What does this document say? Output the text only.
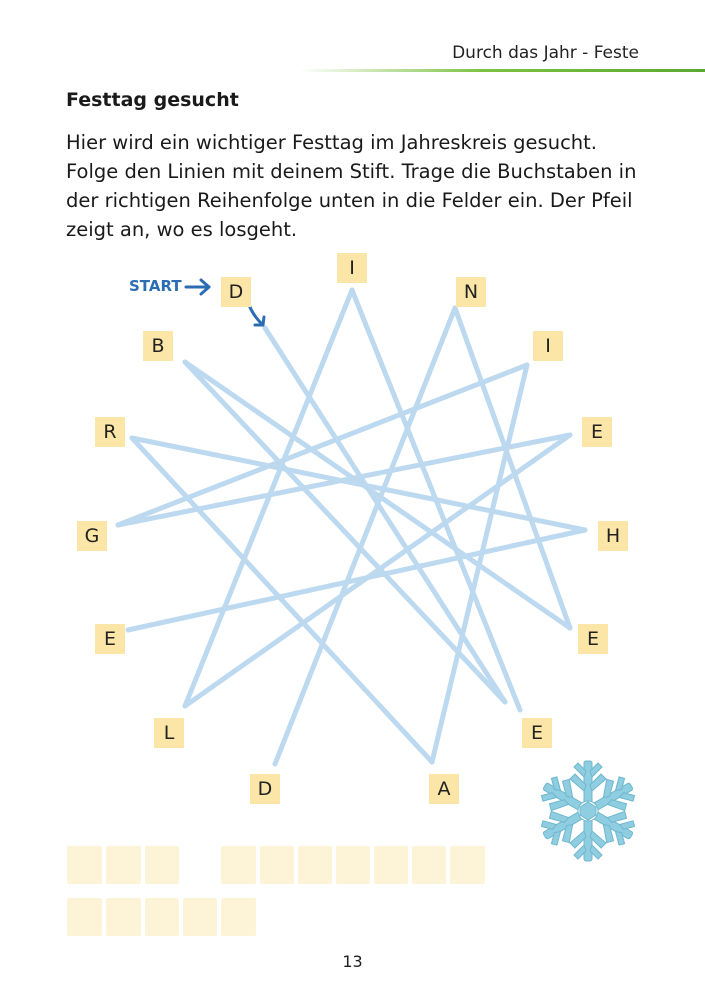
Durch das Jahr - Feste
Festtag gesucht
Hier wird ein wichtiger Festtag im Jahreskreis gesucht.
Folge den Linien mit deinem Stift. Trage die Buchstaben in
der richtigen Reihenfolge unten in die Felder ein. Der Pfeil
zeigt an, wo es losgeht.
START
I
D	N
B	I
R	E
G	H
E	E
L	E
D	A
13
